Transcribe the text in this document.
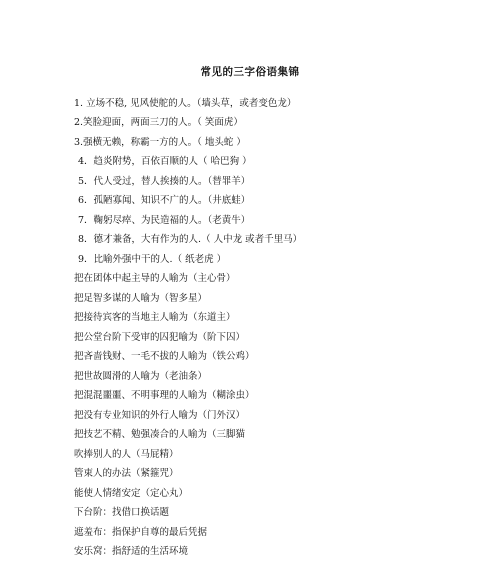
常见的三字俗语集锦
1. 立场不稳, 见风使舵的人。（墙头草，或者变色龙）
2.笑脸迎面，两面三刀的人。（ 笑面虎）
3.强横无赖，称霸一方的人。（ 地头蛇 ）
4．趋炎附势，百依百顺的人（ 哈巴狗 ）
5．代人受过，替人挨揍的人。（替罪羊）
6．孤陋寡闻、知识不广的人。（井底蛙）
7．鞠躬尽瘁、为民造福的人。（老黄牛）
8．德才兼备，大有作为的人.（ 人中龙 或者千里马）
9．比喻外强中干的人.（ 纸老虎 ）
把在团体中起主导的人喻为（主心骨）
把足智多谋的人喻为（智多星）
把接待宾客的当地主人喻为（东道主）
把公堂台阶下受审的囚犯喻为（阶下囚）
把吝啬钱财、一毛不拔的人喻为（铁公鸡）
把世故圆滑的人喻为（老油条）
把混混噩噩、不明事理的人喻为（糊涂虫）
把没有专业知识的外行人喻为（门外汉）
把技艺不精、勉强凑合的人喻为（三脚猫
吹捧别人的人（马屁精）
管束人的办法（紧箍咒）
能使人情绪安定（定心丸）
下台阶：找借口换话题
遮羞布：指保护自尊的最后凭据
安乐窝：指舒适的生活环境
